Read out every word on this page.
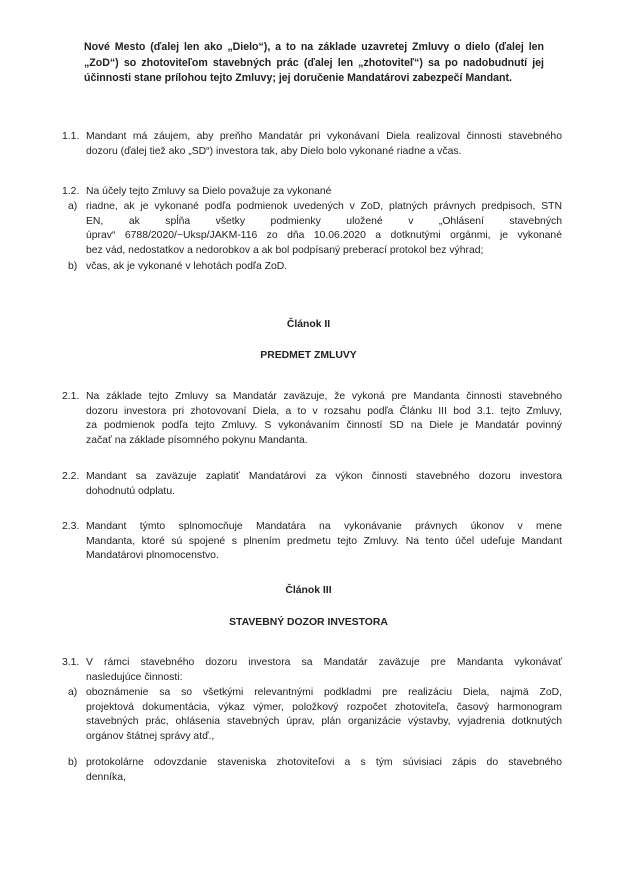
Nové Mesto (ďalej len ako „Dielo“), a to na základe uzavretej Zmluvy o dielo (ďalej len
„ZoD“) so zhotoviteľom stavebných prác (ďalej len „zhotoviteľ“) sa po nadobudnutí jej
účinnosti stane prílohou tejto Zmluvy; jej doručenie Mandatárovi zabezpečí Mandant.
1.1. Mandant má záujem, aby preňho Mandatár pri vykonávaní Diela realizoval činnosti stavebného
dozoru (ďalej tiež ako „SD“) investora tak, aby Dielo bolo vykonané riadne a včas.
1.2. Na účely tejto Zmluvy sa Dielo považuje za vykonané
a) riadne, ak je vykonané podľa podmienok uvedených v ZoD, platných právnych predpisoch, STN
EN, ak spĺňa všetky podmienky uložené v „Ohlásení stavebných
úprav“ 6788/2020/~Uksp/JAKM-116 zo dňa 10.06.2020 a dotknutými orgánmi, je vykonané
bez vád, nedostatkov a nedorobkov a ak bol podpísaný preberací protokol bez výhrad;
b) včas, ak je vykonané v lehotách podľa ZoD.
Článok II
PREDMET ZMLUVY
2.1. Na základe tejto Zmluvy sa Mandatár zaväzuje, že vykoná pre Mandanta činnosti stavebného
dozoru investora pri zhotovovaní Diela, a to v rozsahu podľa Článku III bod 3.1. tejto Zmluvy,
za podmienok podľa tejto Zmluvy. S vykonávaním činností SD na Diele je Mandatár povinný
začať na základe písomného pokynu Mandanta.
2.2. Mandant sa zaväzuje zaplatiť Mandatárovi za výkon činnosti stavebného dozoru investora
dohodnutú odplatu.
2.3. Mandant týmto splnomocňuje Mandatára na vykonávanie právnych úkonov v mene
Mandanta, ktoré sú spojené s plnením predmetu tejto Zmluvy. Na tento účel udeľuje Mandant
Mandatárovi plnomocenstvo.
Článok III
STAVEBNÝ DOZOR INVESTORA
3.1. V rámci stavebného dozoru investora sa Mandatár zaväzuje pre Mandanta vykonávať
nasledujúce činnosti:
a) oboznámenie sa so všetkými relevantnými podkladmi pre realizáciu Diela, najmä ZoD,
projektová dokumentácia, výkaz výmer, položkový rozpočet zhotoviteľa, časový harmonogram
stavebných prác, ohlásenia stavebných úprav, plán organizácie výstavby, vyjadrenia dotknutých
orgánov štátnej správy atď.,
b) protokolárne odovzdanie staveniska zhotoviteľovi a s tým súvisiaci zápis do stavebného
denníka,
